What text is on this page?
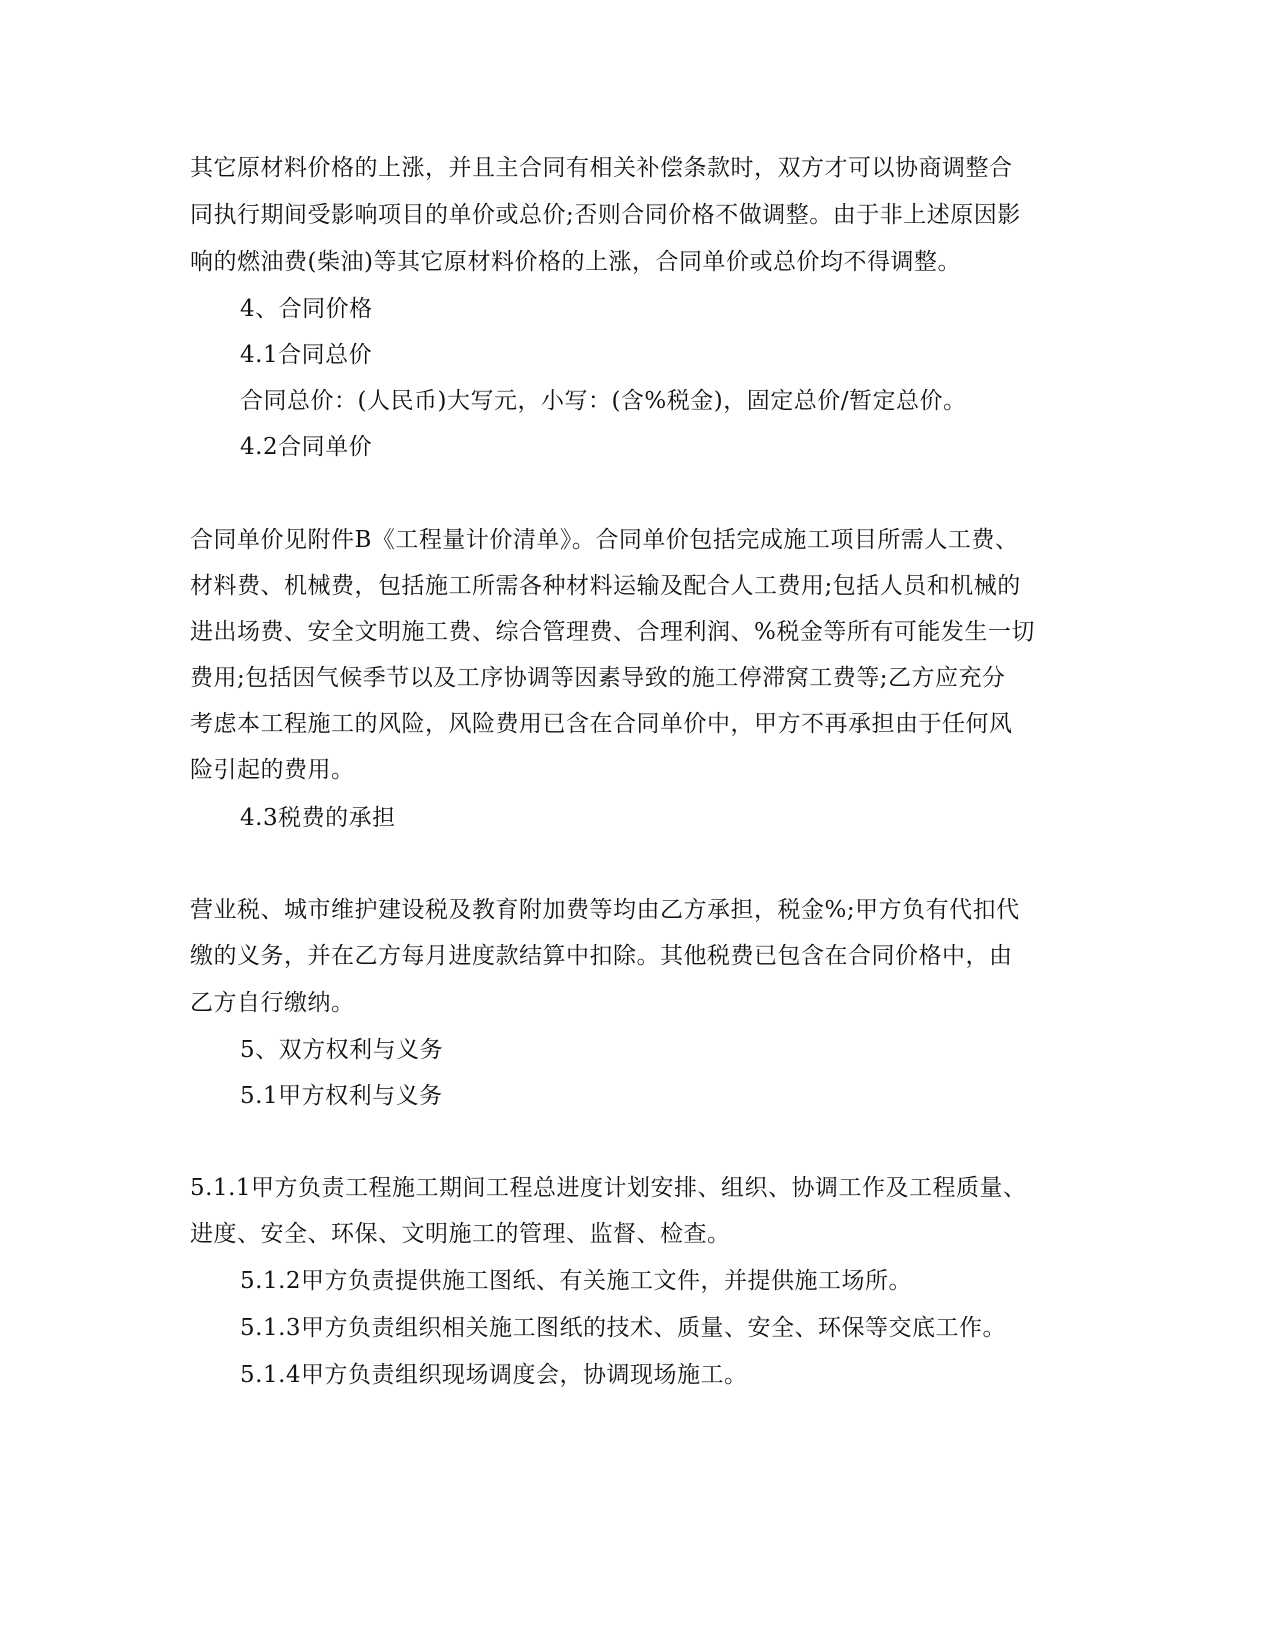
其它原材料价格的上涨，并且主合同有相关补偿条款时，双方才可以协商调整合
同执行期间受影响项目的单价或总价;否则合同价格不做调整。由于非上述原因影
响的燃油费(柴油)等其它原材料价格的上涨，合同单价或总价均不得调整。
4、合同价格
4.1合同总价
合同总价：(人民币)大写元，小写：(含%税金)，固定总价/暂定总价。
4.2合同单价
合同单价见附件B《工程量计价清单》。合同单价包括完成施工项目所需人工费、
材料费、机械费，包括施工所需各种材料运输及配合人工费用;包括人员和机械的
进出场费、安全文明施工费、综合管理费、合理利润、%税金等所有可能发生一切
费用;包括因气候季节以及工序协调等因素导致的施工停滞窝工费等;乙方应充分
考虑本工程施工的风险，风险费用已含在合同单价中，甲方不再承担由于任何风
险引起的费用。
4.3税费的承担
营业税、城市维护建设税及教育附加费等均由乙方承担，税金%;甲方负有代扣代
缴的义务，并在乙方每月进度款结算中扣除。其他税费已包含在合同价格中，由
乙方自行缴纳。
5、双方权利与义务
5.1甲方权利与义务
5.1.1甲方负责工程施工期间工程总进度计划安排、组织、协调工作及工程质量、
进度、安全、环保、文明施工的管理、监督、检查。
5.1.2甲方负责提供施工图纸、有关施工文件，并提供施工场所。
5.1.3甲方负责组织相关施工图纸的技术、质量、安全、环保等交底工作。
5.1.4甲方负责组织现场调度会，协调现场施工。
